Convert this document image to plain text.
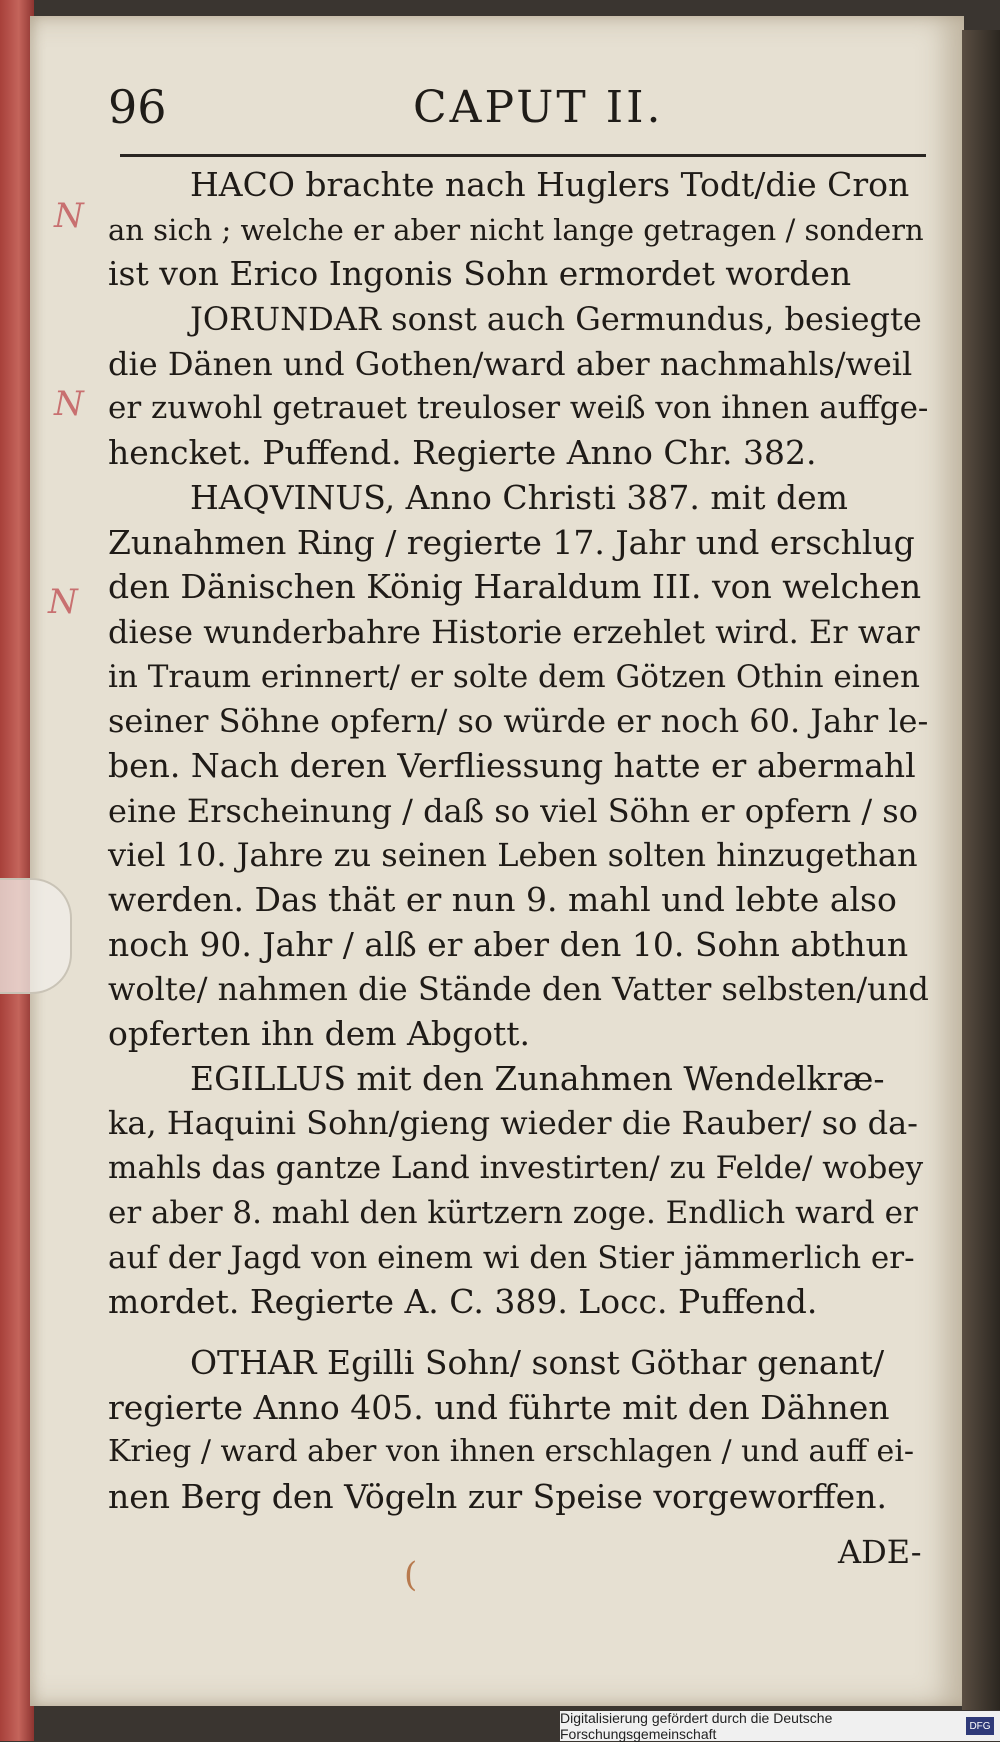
96	CAPUT II.
N
N
N
HACO brachte nach Huglers Todt/die Cron
an sich ; welche er aber nicht lange getragen / sondern
ist von Erico Ingonis Sohn ermordet worden
JORUNDAR sonst auch Germundus, besiegte
die Dänen und Gothen/ward aber nachmahls/weil
er zuwohl getrauet treuloser weiß von ihnen auffge-
hencket. Puffend. Regierte Anno Chr. 382.
HAQVINUS, Anno Christi 387. mit dem
Zunahmen Ring / regierte 17. Jahr und erschlug
den Dänischen König Haraldum III. von welchen
diese wunderbahre Historie erzehlet wird. Er war
in Traum erinnert/ er solte dem Götzen Othin einen
seiner Söhne opfern/ so würde er noch 60. Jahr le-
ben. Nach deren Verfliessung hatte er abermahl
eine Erscheinung / daß so viel Söhn er opfern / so
viel 10. Jahre zu seinen Leben solten hinzugethan
werden. Das thät er nun 9. mahl und lebte also
noch 90. Jahr / alß er aber den 10. Sohn abthun
wolte/ nahmen die Stände den Vatter selbsten/und
opferten ihn dem Abgott.
EGILLUS mit den Zunahmen Wendelkræ-
ka, Haquini Sohn/gieng wieder die Rauber/ so da-
mahls das gantze Land investirten/ zu Felde/ wobey
er aber 8. mahl den kürtzern zoge. Endlich ward er
auf der Jagd von einem wi den Stier jämmerlich er-
mordet. Regierte A. C. 389. Locc. Puffend.
OTHAR Egilli Sohn/ sonst Göthar genant/
regierte Anno 405. und führte mit den Dähnen
Krieg / ward aber von ihnen erschlagen / und auff ei-
nen Berg den Vögeln zur Speise vorgeworffen.
ADE-
(
Digitalisierung gefördert durch die Deutsche Forschungsgemeinschaft	DFG
